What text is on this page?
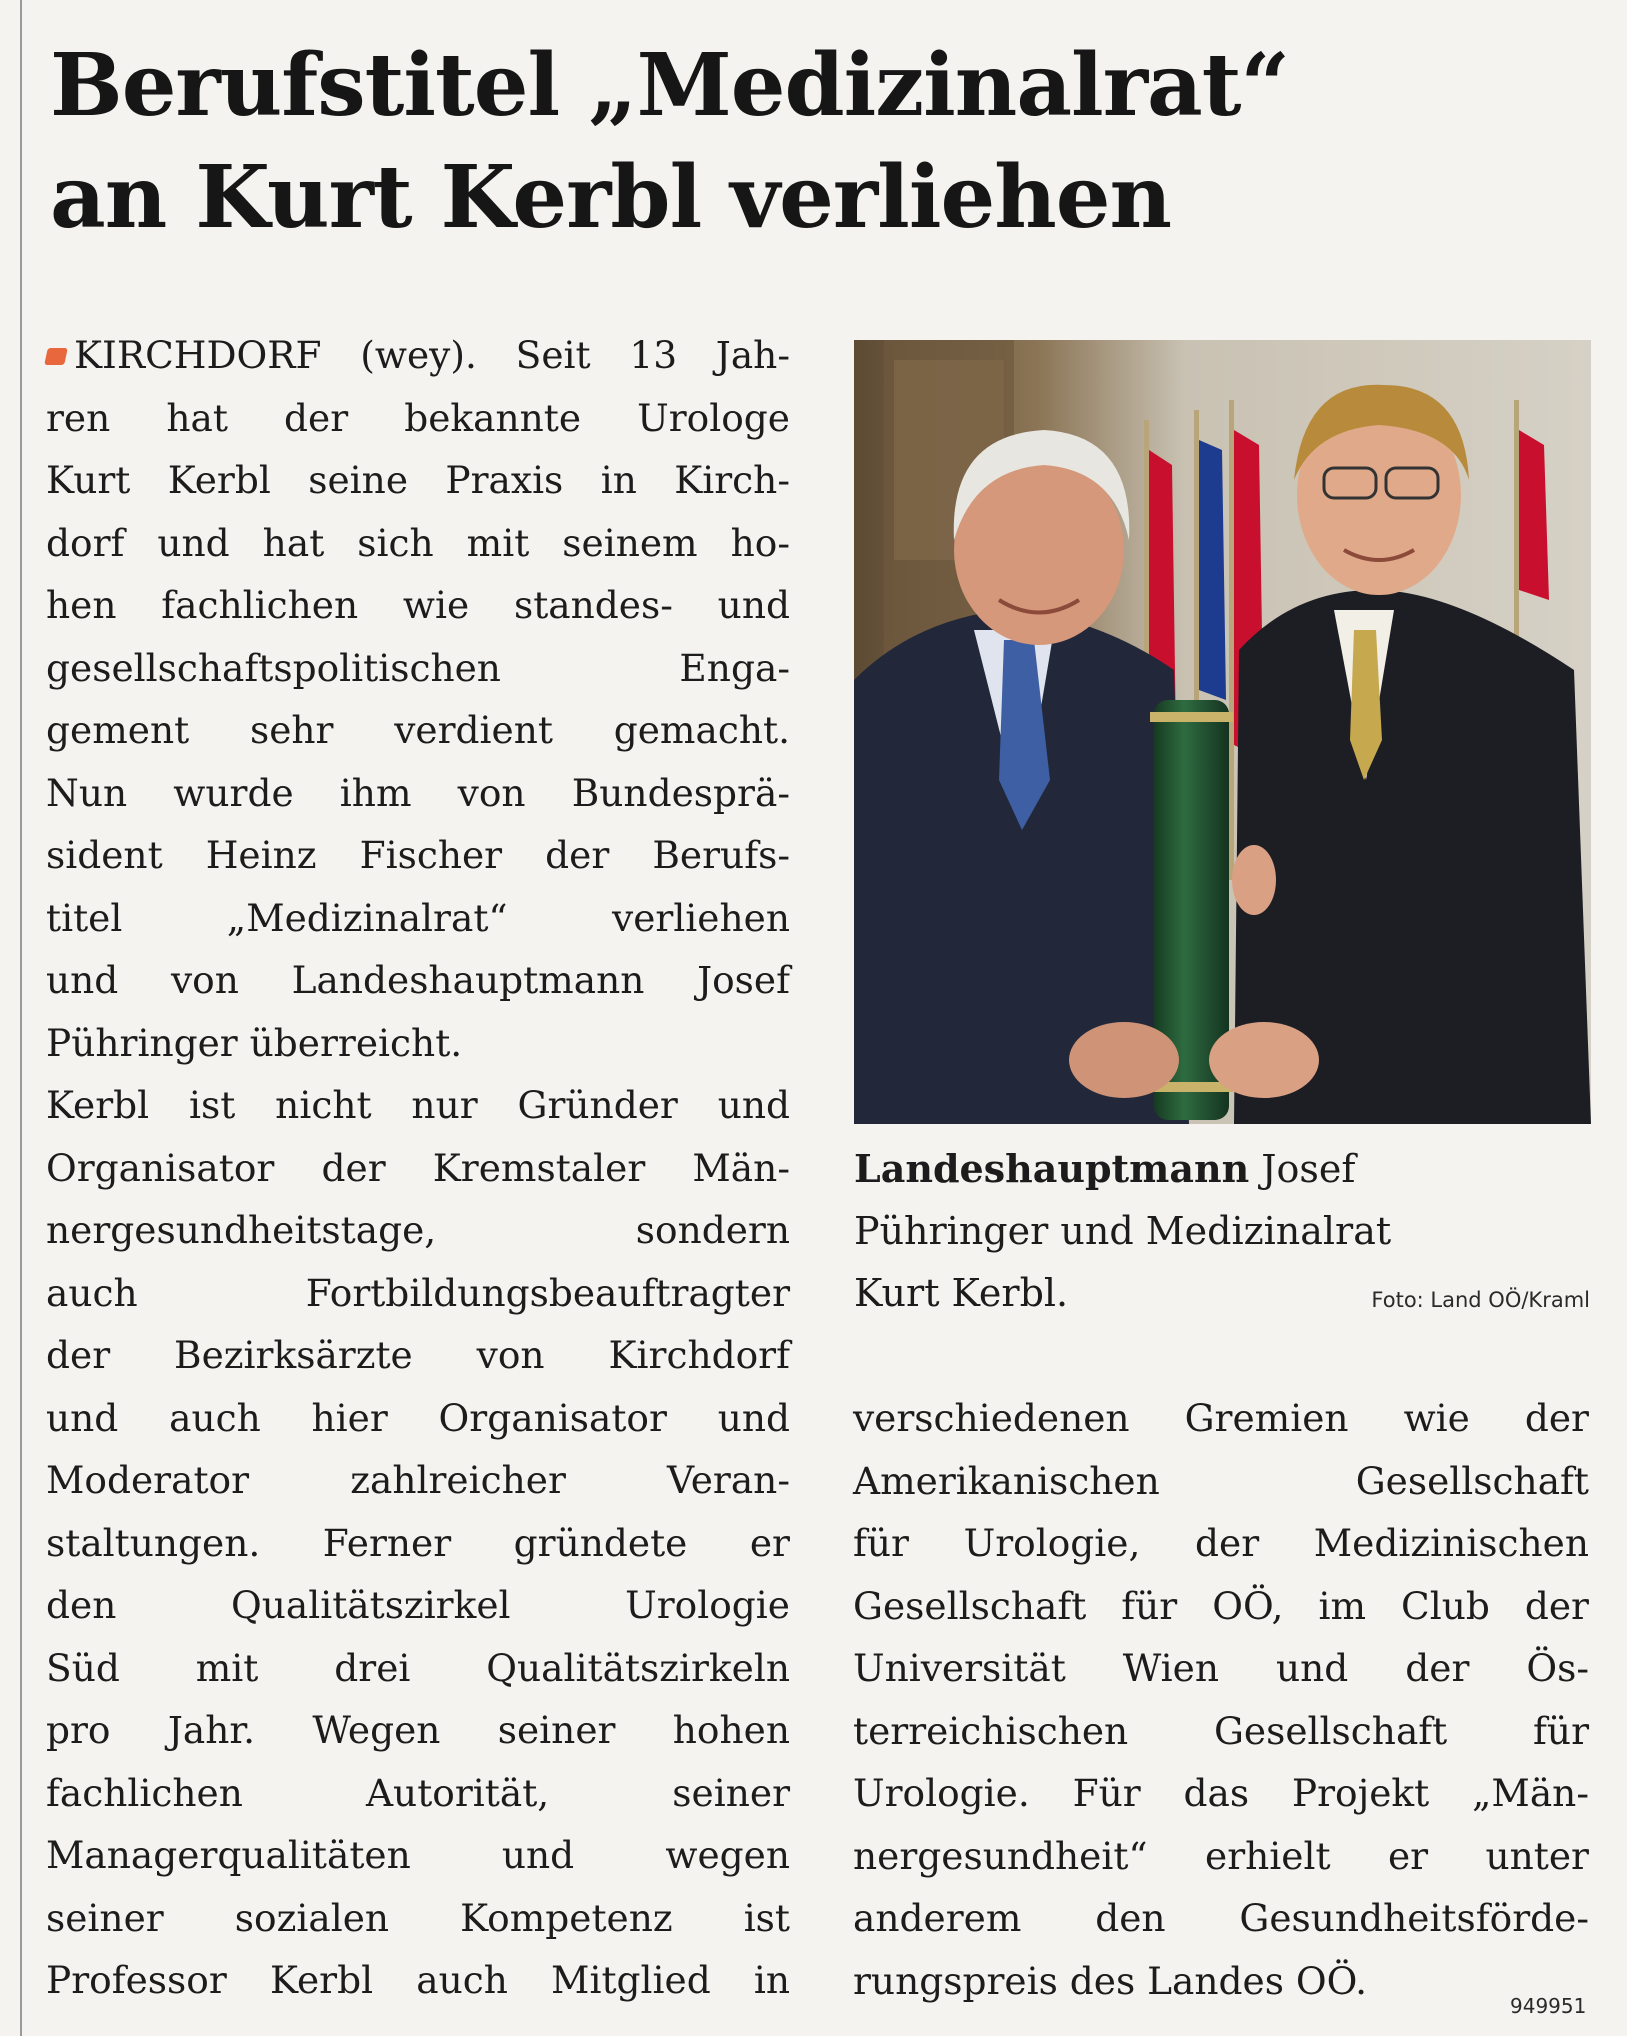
Berufstitel „Medizinalrat“
an Kurt Kerbl verliehen
KIRCHDORF (wey). Seit 13 Jah-
ren hat der bekannte Urologe
Kurt Kerbl seine Praxis in Kirch-
dorf und hat sich mit seinem ho-
hen fachlichen wie standes- und
gesellschaftspolitischen Enga-
gement sehr verdient gemacht.
Nun wurde ihm von Bundesprä-
sident Heinz Fischer der Berufs-
titel „Medizinalrat“ verliehen
und von Landeshauptmann Josef
Pühringer überreicht.
Kerbl ist nicht nur Gründer und
Organisator der Kremstaler Män-
nergesundheitstage, sondern
auch Fortbildungsbeauftragter
der Bezirksärzte von Kirchdorf
und auch hier Organisator und
Moderator zahlreicher Veran-
staltungen. Ferner gründete er
den Qualitätszirkel Urologie
Süd mit drei Qualitätszirkeln
pro Jahr. Wegen seiner hohen
fachlichen Autorität, seiner
Managerqualitäten und wegen
seiner sozialen Kompetenz ist
Professor Kerbl auch Mitglied in
Landeshauptmann Josef
Pühringer und Medizinalrat
Kurt Kerbl.	Foto: Land OÖ/Kraml
verschiedenen Gremien wie der
Amerikanischen Gesellschaft
für Urologie, der Medizinischen
Gesellschaft für OÖ, im Club der
Universität Wien und der Ös-
terreichischen Gesellschaft für
Urologie. Für das Projekt „Män-
nergesundheit“ erhielt er unter
anderem den Gesundheitsförde-
rungspreis des Landes OÖ.
949951
